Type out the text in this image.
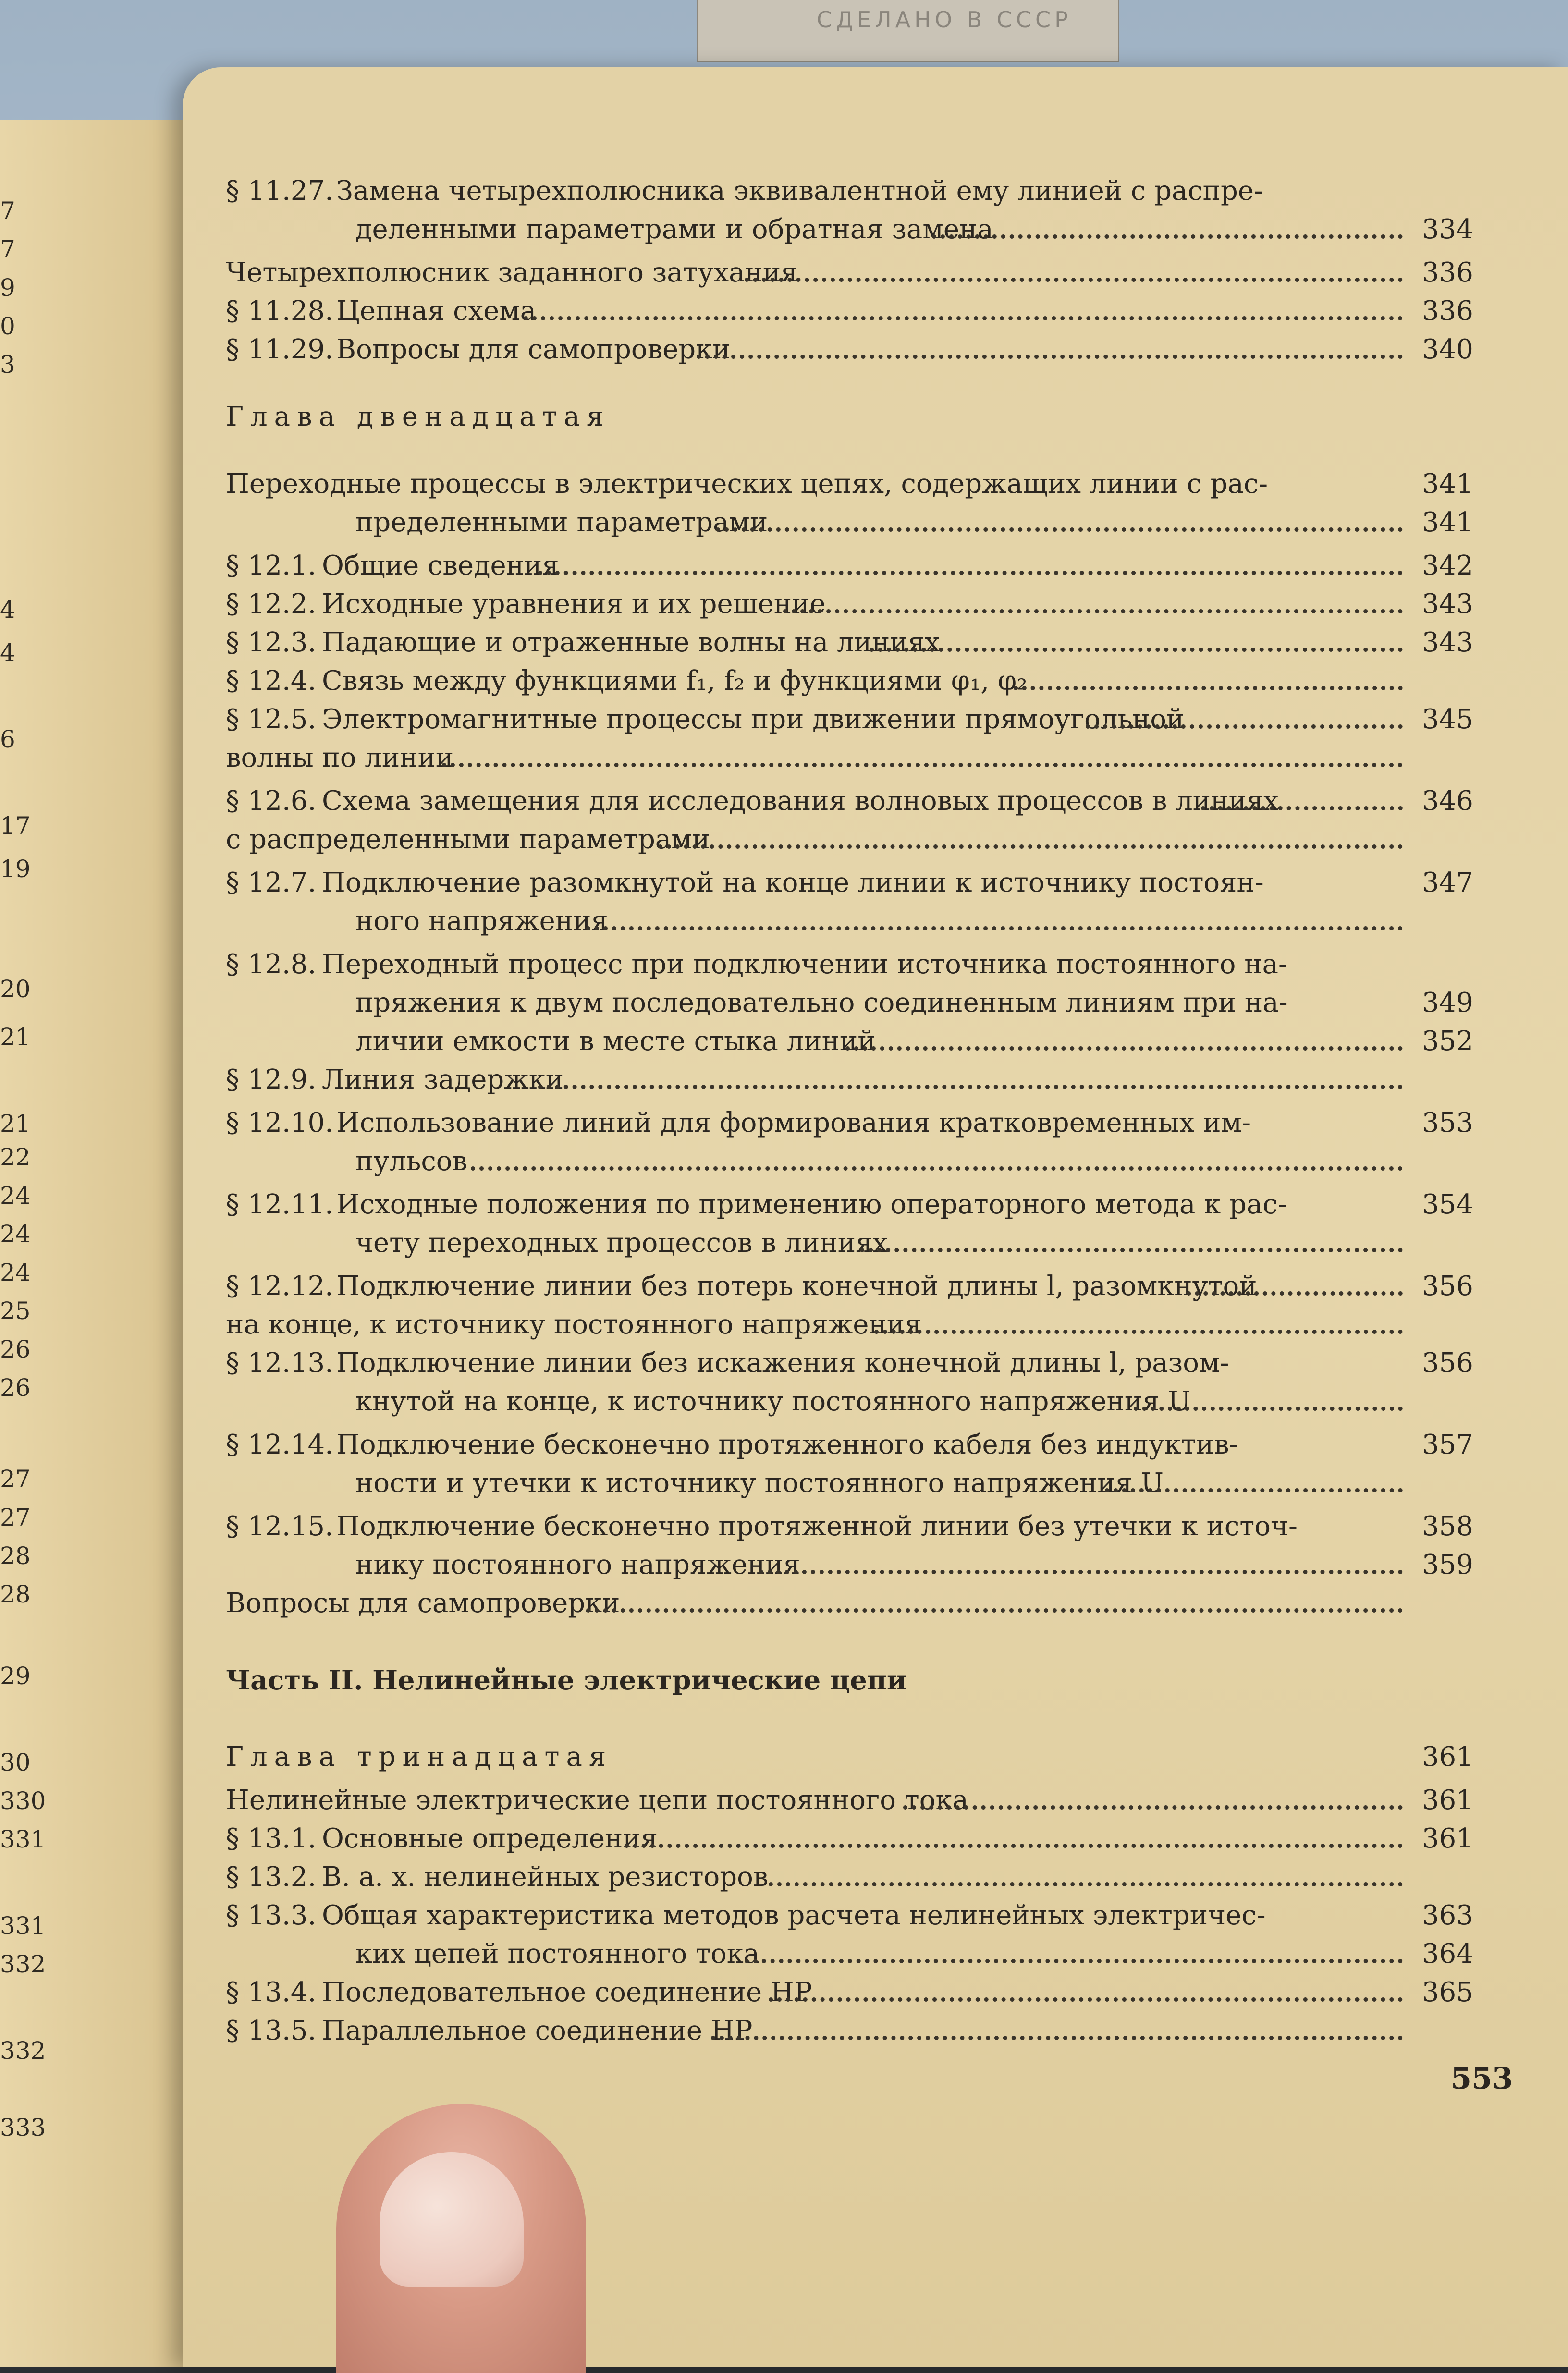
СДЕЛАНО В СССР
7
7
9
0
3
4
4
6
17
19
20
21
21
22
24
24
24
25
26
26
27
27
28
28
29
30
330
331
331
332
332
333
§ 11.27. Замена четырехполюсника эквивалентной ему линией с распре-
деленными параметрами и обратная замена	334
Четырехполюсник заданного затухания	336
§ 11.28. Цепная схема	336
§ 11.29. Вопросы для самопроверки	340
Глава двенадцатая
Переходные процессы в электрических цепях, содержащих линии с рас-	341
пределенными параметрами	341
§ 12.1. Общие сведения	342
§ 12.2. Исходные уравнения и их решение	343
§ 12.3. Падающие и отраженные волны на линиях	343
§ 12.4. Связь между функциями f₁, f₂ и функциями φ₁, φ₂
§ 12.5. Электромагнитные процессы при движении прямоугольной	345
волны по линии
§ 12.6. Схема замещения для исследования волновых процессов в линиях	346
с распределенными параметрами
§ 12.7. Подключение разомкнутой на конце линии к источнику постоян-	347
ного напряжения
§ 12.8. Переходный процесс при подключении источника постоянного на-
пряжения к двум последовательно соединенным линиям при на-	349
личии емкости в месте стыка линий	352
§ 12.9. Линия задержки
§ 12.10. Использование линий для формирования кратковременных им-	353
пульсов
§ 12.11. Исходные положения по применению операторного метода к рас-	354
чету переходных процессов в линиях
§ 12.12. Подключение линии без потерь конечной длины l, разомкнутой	356
на конце, к источнику постоянного напряжения
§ 12.13. Подключение линии без искажения конечной длины l, разом-	356
кнутой на конце, к источнику постоянного напряжения U
§ 12.14. Подключение бесконечно протяженного кабеля без индуктив-	357
ности и утечки к источнику постоянного напряжения U
§ 12.15. Подключение бесконечно протяженной линии без утечки к источ-	358
нику постоянного напряжения	359
Вопросы для самопроверки
Часть II. Нелинейные электрические цепи
Глава тринадцатая	361
Нелинейные электрические цепи постоянного тока	361
§ 13.1. Основные определения	361
§ 13.2. В. а. х. нелинейных резисторов
§ 13.3. Общая характеристика методов расчета нелинейных электричес-	363
ких цепей постоянного тока	364
§ 13.4. Последовательное соединение НР	365
§ 13.5. Параллельное соединение НР
553
